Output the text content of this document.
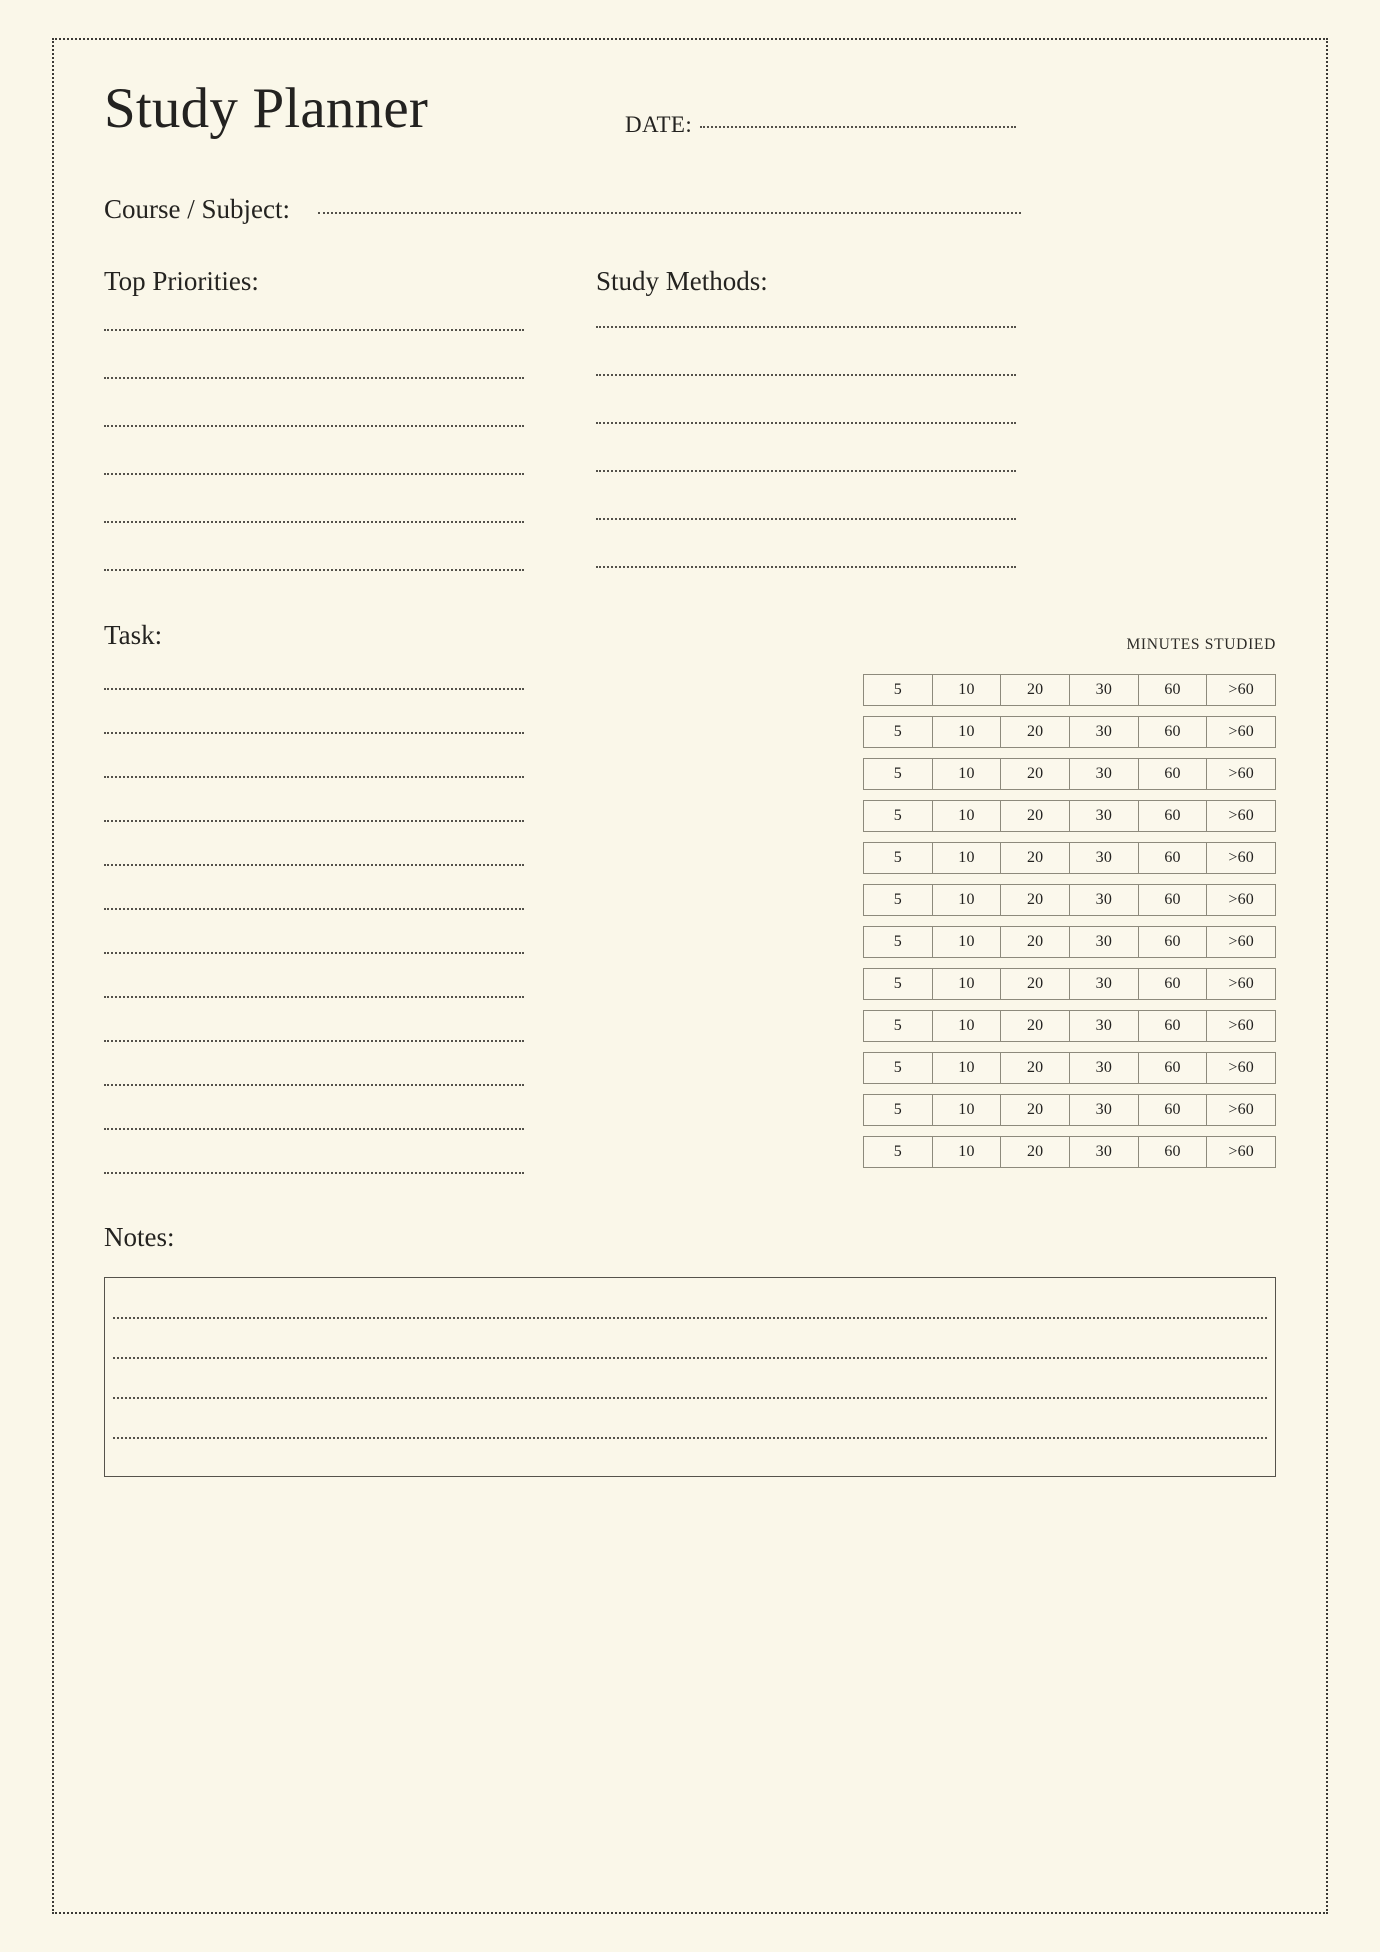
Study Planner	DATE:
Course / Subject:
Top Priorities:	Study Methods:
Task:	MINUTES STUDIED
5	10	20	30	60	>60
5	10	20	30	60	>60
5	10	20	30	60	>60
5	10	20	30	60	>60
5	10	20	30	60	>60
5	10	20	30	60	>60
5	10	20	30	60	>60
5	10	20	30	60	>60
5	10	20	30	60	>60
5	10	20	30	60	>60
5	10	20	30	60	>60
5	10	20	30	60	>60
Notes:
